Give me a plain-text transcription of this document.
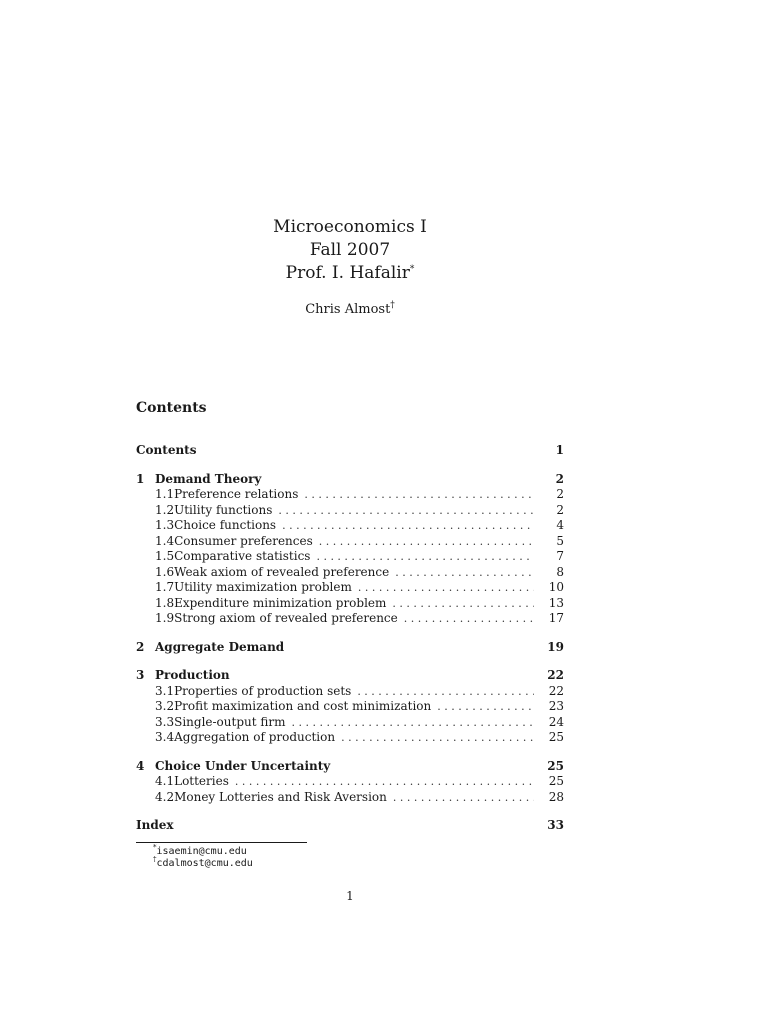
Microeconomics I

Fall 2007

Prof. I. Hafalir*

Chris Almost†
Contents
Contents	1
1 Demand Theory	2
1.1 Preference relations . . .	2
1.2 Utility functions . . .	2
1.3 Choice functions . . .	4
1.4 Consumer preferences . . .	5
1.5 Comparative statistics . . .	7
1.6 Weak axiom of revealed preference . . .	8
1.7 Utility maximization problem . . .	10
1.8 Expenditure minimization problem . . .	13
1.9 Strong axiom of revealed preference . . .	17
2 Aggregate Demand	19
3 Production	22
3.1 Properties of production sets . . .	22
3.2 Profit maximization and cost minimization . . .	23
3.3 Single-output firm . . .	24
3.4 Aggregation of production . . .	25
4 Choice Under Uncertainty	25
4.1 Lotteries . . .	25
4.2 Money Lotteries and Risk Aversion . . .	28
Index	33
*isaemin@cmu.edu
†cdalmost@cmu.edu
1
